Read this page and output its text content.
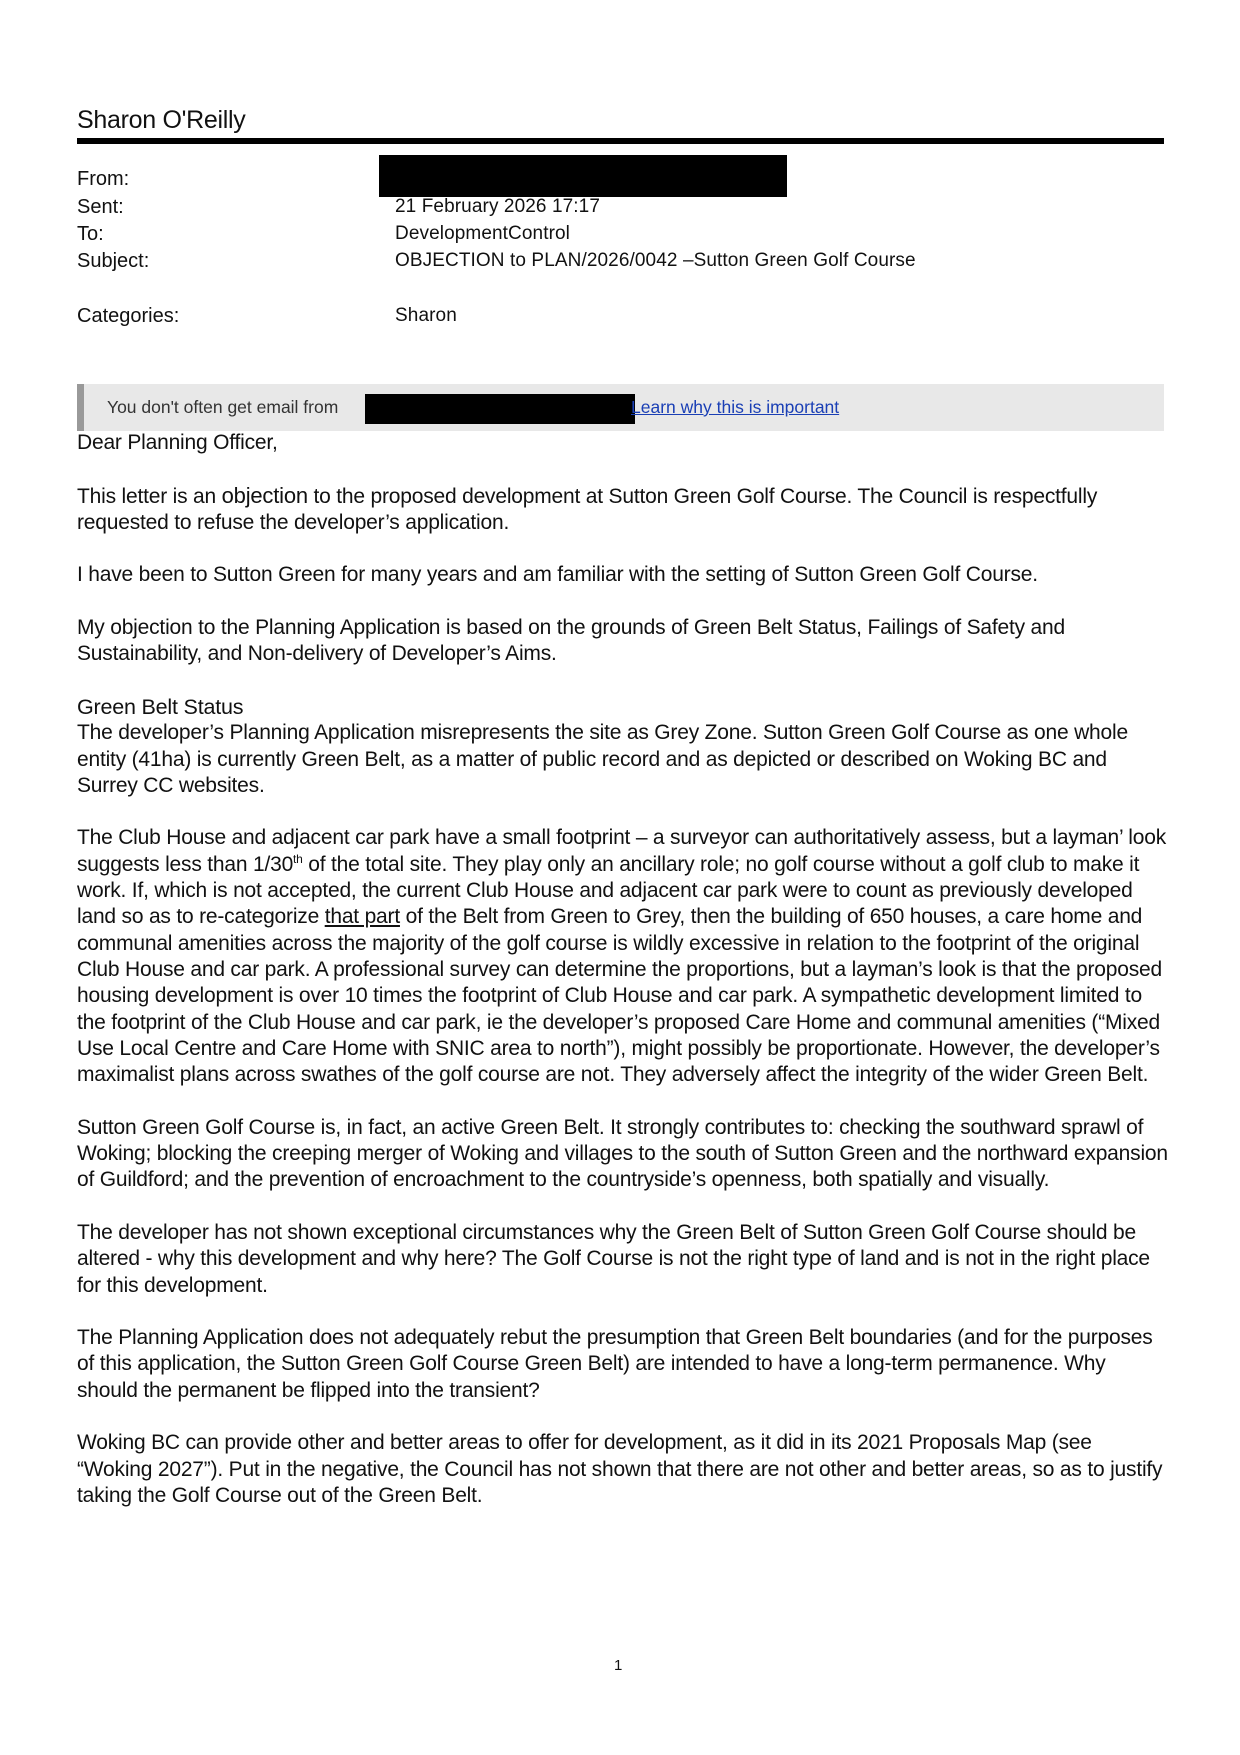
Sharon O'Reilly
From:
Sent:	21 February 2026 17:17
To:	DevelopmentControl
Subject:	OBJECTION to PLAN/2026/0042 –Sutton Green Golf Course
Categories:	Sharon
You don't often get email from	Learn why this is important

Dear Planning Officer,

This letter is an objection to the proposed development at Sutton Green Golf Course. The Council is respectfully requested to refuse the developer’s application.

I have been to Sutton Green for many years and am familiar with the setting of Sutton Green Golf Course.

My objection to the Planning Application is based on the grounds of Green Belt Status, Failings of Safety and Sustainability, and Non-delivery of Developer’s Aims.

Green Belt Status

The developer’s Planning Application misrepresents the site as Grey Zone. Sutton Green Golf Course as one whole entity (41ha) is currently Green Belt, as a matter of public record and as depicted or described on Woking BC and Surrey CC websites.

The Club House and adjacent car park have a small footprint – a surveyor can authoritatively assess, but a layman’ look suggests less than 1/30th of the total site. They play only an ancillary role; no golf course without a golf club to make it work. If, which is not accepted, the current Club House and adjacent car park were to count as previously developed land so as to re-categorize that part of the Belt from Green to Grey, then the building of 650 houses, a care home and communal amenities across the majority of the golf course is wildly excessive in relation to the footprint of the original Club House and car park. A professional survey can determine the proportions, but a layman’s look is that the proposed housing development is over 10 times the footprint of Club House and car park. A sympathetic development limited to the footprint of the Club House and car park, ie the developer’s proposed Care Home and communal amenities (“Mixed Use Local Centre and Care Home with SNIC area to north”), might possibly be proportionate. However, the developer’s maximalist plans across swathes of the golf course are not. They adversely affect the integrity of the wider Green Belt.

Sutton Green Golf Course is, in fact, an active Green Belt. It strongly contributes to: checking the southward sprawl of Woking; blocking the creeping merger of Woking and villages to the south of Sutton Green and the northward expansion of Guildford; and the prevention of encroachment to the countryside’s openness, both spatially and visually.

The developer has not shown exceptional circumstances why the Green Belt of Sutton Green Golf Course should be altered - why this development and why here? The Golf Course is not the right type of land and is not in the right place for this development.

The Planning Application does not adequately rebut the presumption that Green Belt boundaries (and for the purposes of this application, the Sutton Green Golf Course Green Belt) are intended to have a long-term permanence. Why should the permanent be flipped into the transient?

Woking BC can provide other and better areas to offer for development, as it did in its 2021 Proposals Map (see “Woking 2027”). Put in the negative, the Council has not shown that there are not other and better areas, so as to justify taking the Golf Course out of the Green Belt.

1
